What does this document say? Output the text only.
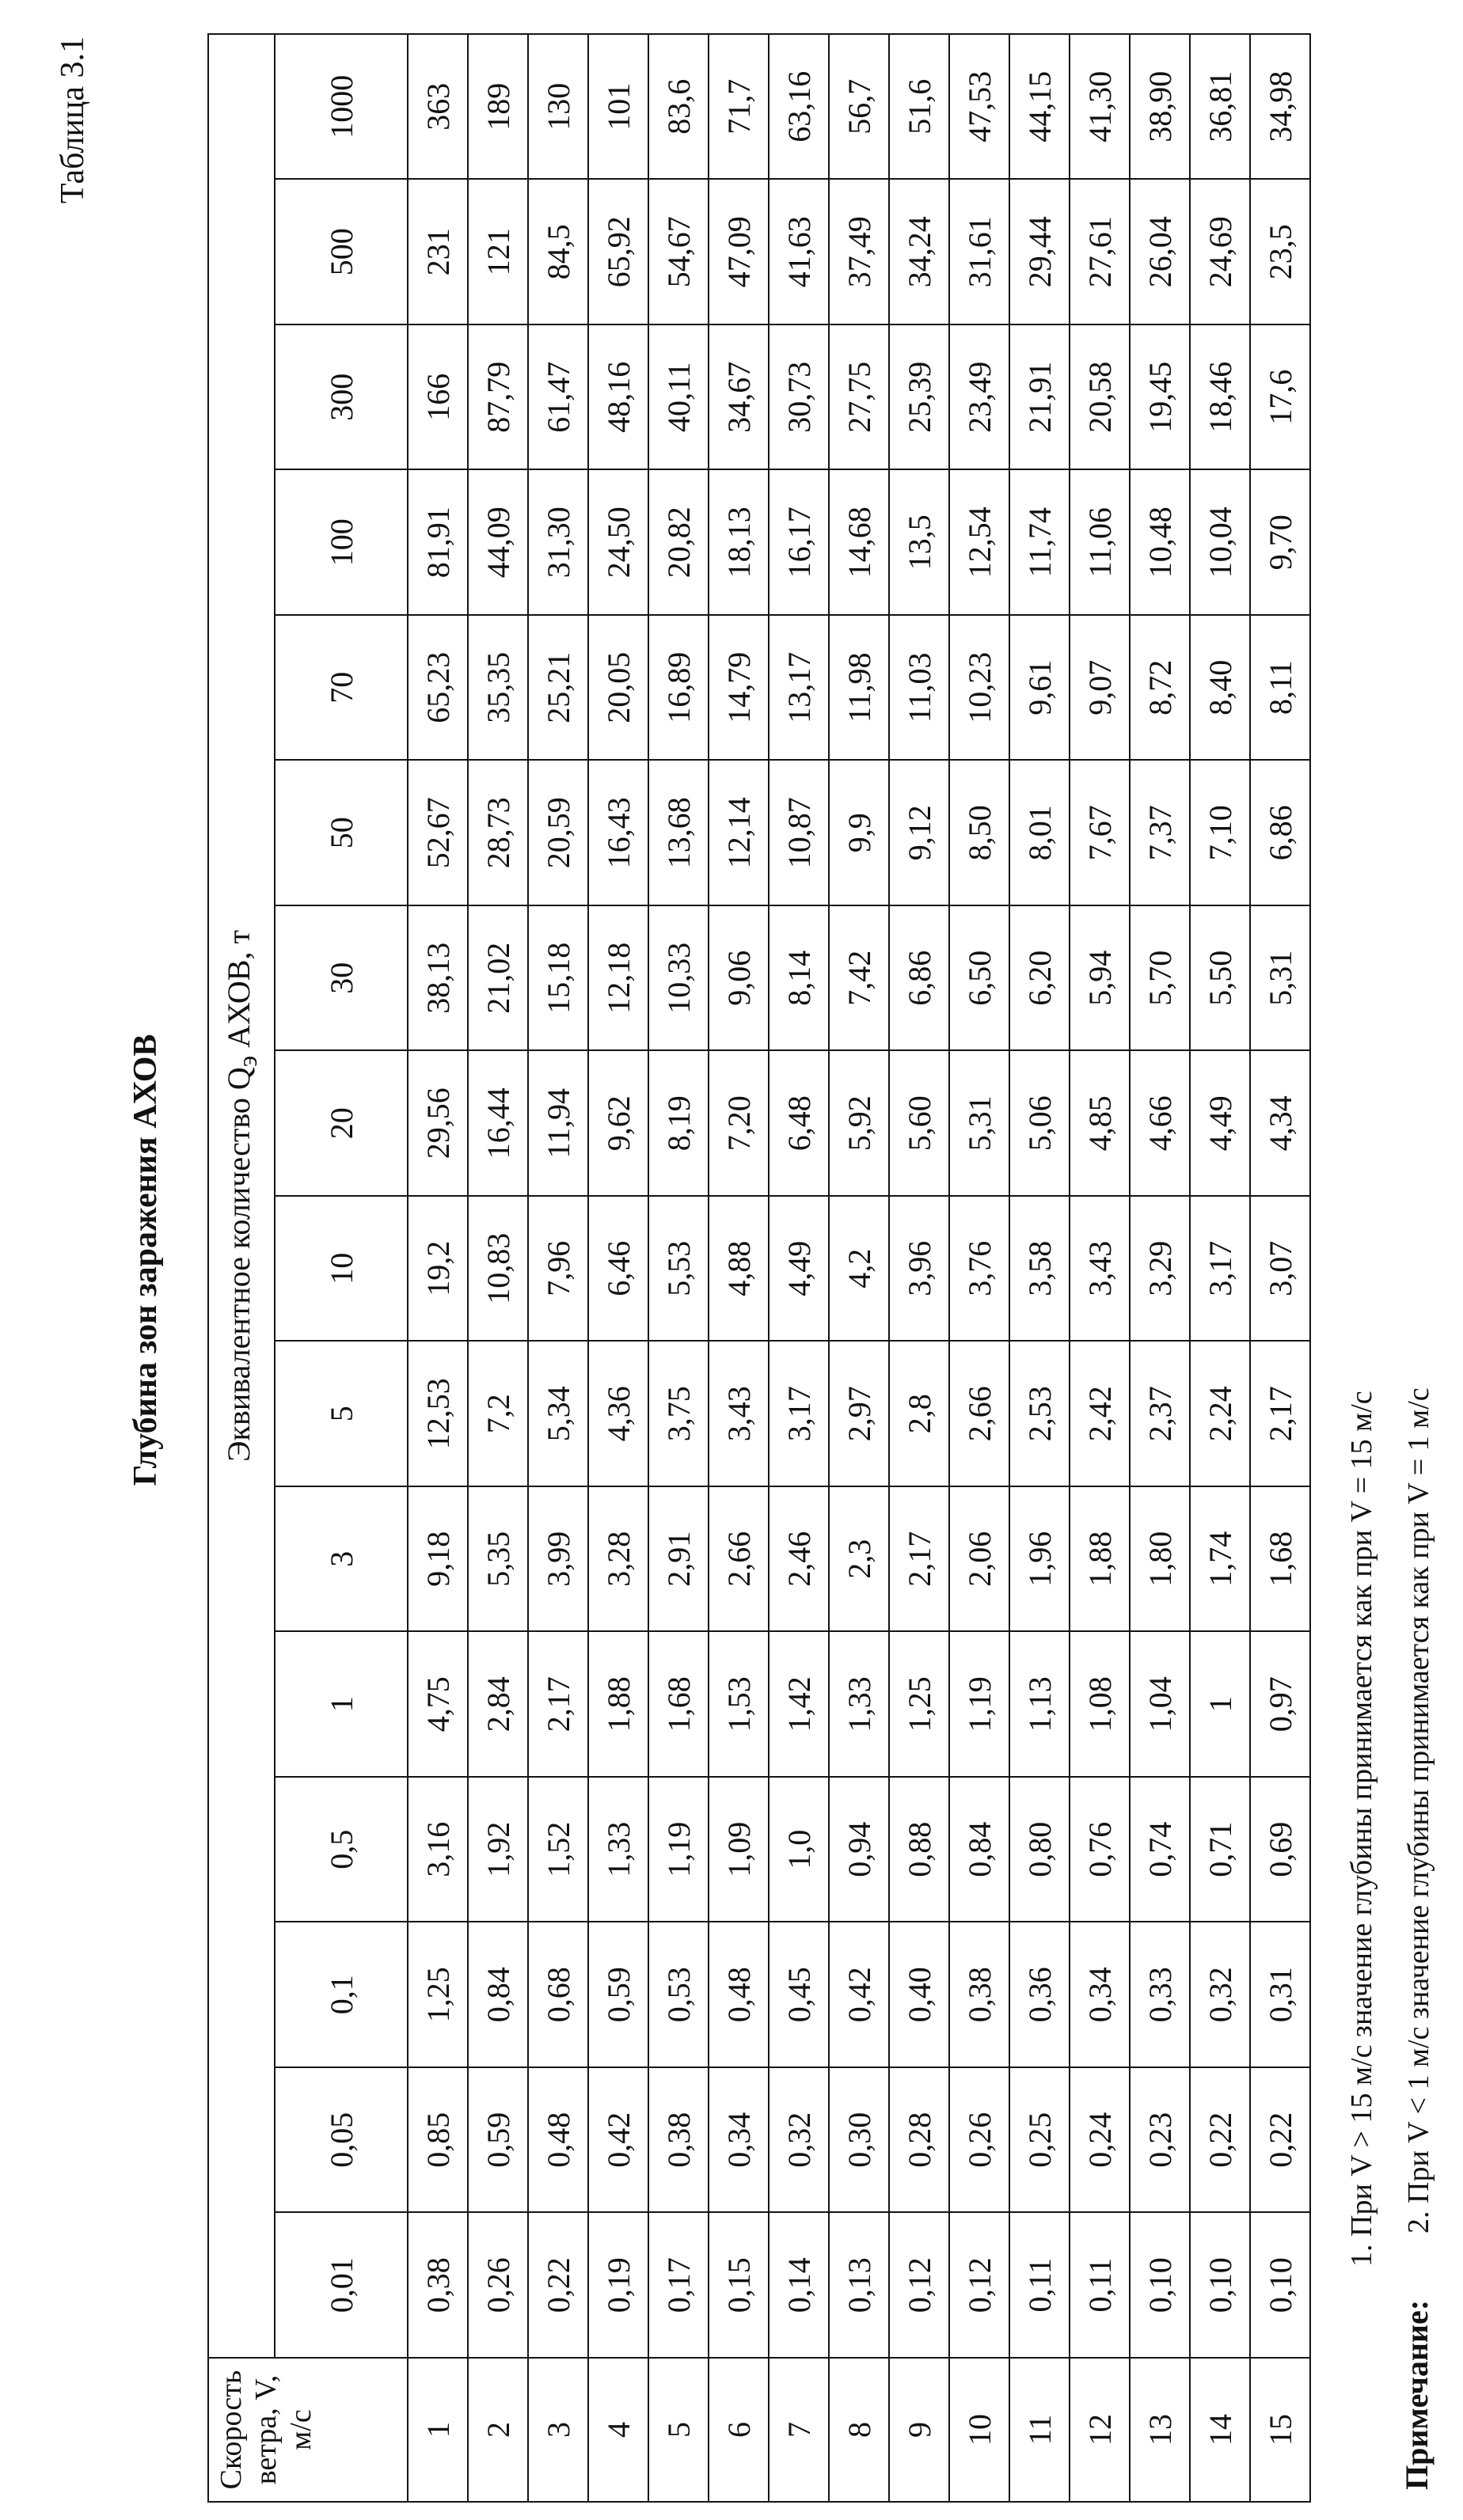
Таблица 3.1
Глубина зон заражения АХОВ
Скорость ветра, V, м/с	Эквивалентное количество $Q_э$ АХОВ, т															
	0,01	0,05	0,1	0,5	1	3	5	10	20	30	50	70	100	300	500	1000
1	0,38	0,85	1,25	3,16	4,75	9,18	12,53	19,2	29,56	38,13	52,67	65,23	81,91	166	231	363
2	0,26	0,59	0,84	1,92	2,84	5,35	7,2	10,83	16,44	21,02	28,73	35,35	44,09	87,79	121	189
3	0,22	0,48	0,68	1,52	2,17	3,99	5,34	7,96	11,94	15,18	20,59	25,21	31,30	61,47	84,5	130
4	0,19	0,42	0,59	1,33	1,88	3,28	4,36	6,46	9,62	12,18	16,43	20,05	24,50	48,16	65,92	101
5	0,17	0,38	0,53	1,19	1,68	2,91	3,75	5,53	8,19	10,33	13,68	16,89	20,82	40,11	54,67	83,6
6	0,15	0,34	0,48	1,09	1,53	2,66	3,43	4,88	7,20	9,06	12,14	14,79	18,13	34,67	47,09	71,7
7	0,14	0,32	0,45	1,0	1,42	2,46	3,17	4,49	6,48	8,14	10,87	13,17	16,17	30,73	41,63	63,16
8	0,13	0,30	0,42	0,94	1,33	2,3	2,97	4,2	5,92	7,42	9,9	11,98	14,68	27,75	37,49	56,7
9	0,12	0,28	0,40	0,88	1,25	2,17	2,8	3,96	5,60	6,86	9,12	11,03	13,5	25,39	34,24	51,6
10	0,12	0,26	0,38	0,84	1,19	2,06	2,66	3,76	5,31	6,50	8,50	10,23	12,54	23,49	31,61	47,53
11	0,11	0,25	0,36	0,80	1,13	1,96	2,53	3,58	5,06	6,20	8,01	9,61	11,74	21,91	29,44	44,15
12	0,11	0,24	0,34	0,76	1,08	1,88	2,42	3,43	4,85	5,94	7,67	9,07	11,06	20,58	27,61	41,30
13	0,10	0,23	0,33	0,74	1,04	1,80	2,37	3,29	4,66	5,70	7,37	8,72	10,48	19,45	26,04	38,90
14	0,10	0,22	0,32	0,71	1	1,74	2,24	3,17	4,49	5,50	7,10	8,40	10,04	18,46	24,69	36,81
15	0,10	0,22	0,31	0,69	0,97	1,68	2,17	3,07	4,34	5,31	6,86	8,11	9,70	17,6	23,5	34,98
Примечание:
1. При V > 15 м/с значение глубины принимается как при V = 15 м/с 2. При V < 1 м/с значение глубины принимается как при V = 1 м/с
